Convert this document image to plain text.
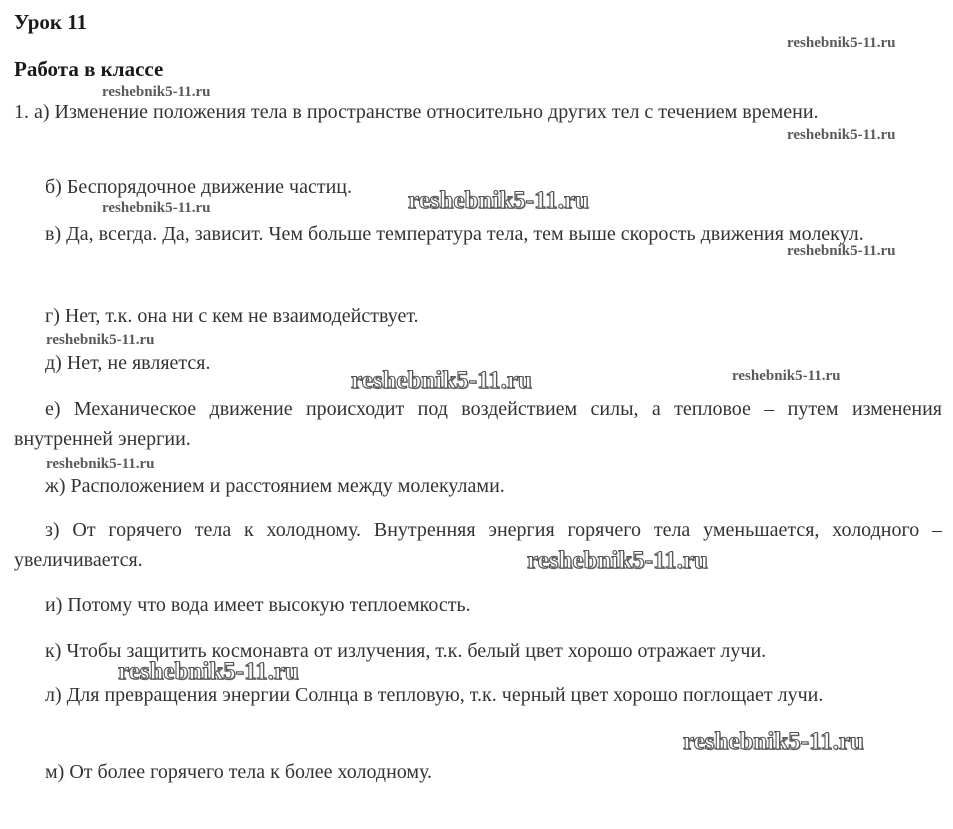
Урок 11
Работа в классе
1. а) Изменение положения тела в пространстве относительно других тел с течением времени.
б) Беспорядочное движение частиц.
в) Да, всегда. Да, зависит. Чем больше температура тела, тем выше скорость движения молекул.
г) Нет, т.к. она ни с кем не взаимодействует.
д) Нет, не является.
е) Механическое движение происходит под воздействием силы, а тепловое – путем изменения внутренней энергии.
ж) Расположением и расстоянием между молекулами.
з) От горячего тела к холодному. Внутренняя энергия горячего тела уменьшается, холодного – увеличивается.
и) Потому что вода имеет высокую теплоемкость.
к) Чтобы защитить космонавта от излучения, т.к. белый цвет хорошо отражает лучи.
л) Для превращения энергии Солнца в тепловую, т.к. черный цвет хорошо поглощает лучи.
м) От более горячего тела к более холодному.
reshebnik5-11.ru
reshebnik5-11.ru
reshebnik5-11.ru
reshebnik5-11.ru	reshebnik5-11.ru
reshebnik5-11.ru
reshebnik5-11.ru
reshebnik5-11.ru	reshebnik5-11.ru
reshebnik5-11.ru
reshebnik5-11.ru
reshebnik5-11.ru
reshebnik5-11.ru
